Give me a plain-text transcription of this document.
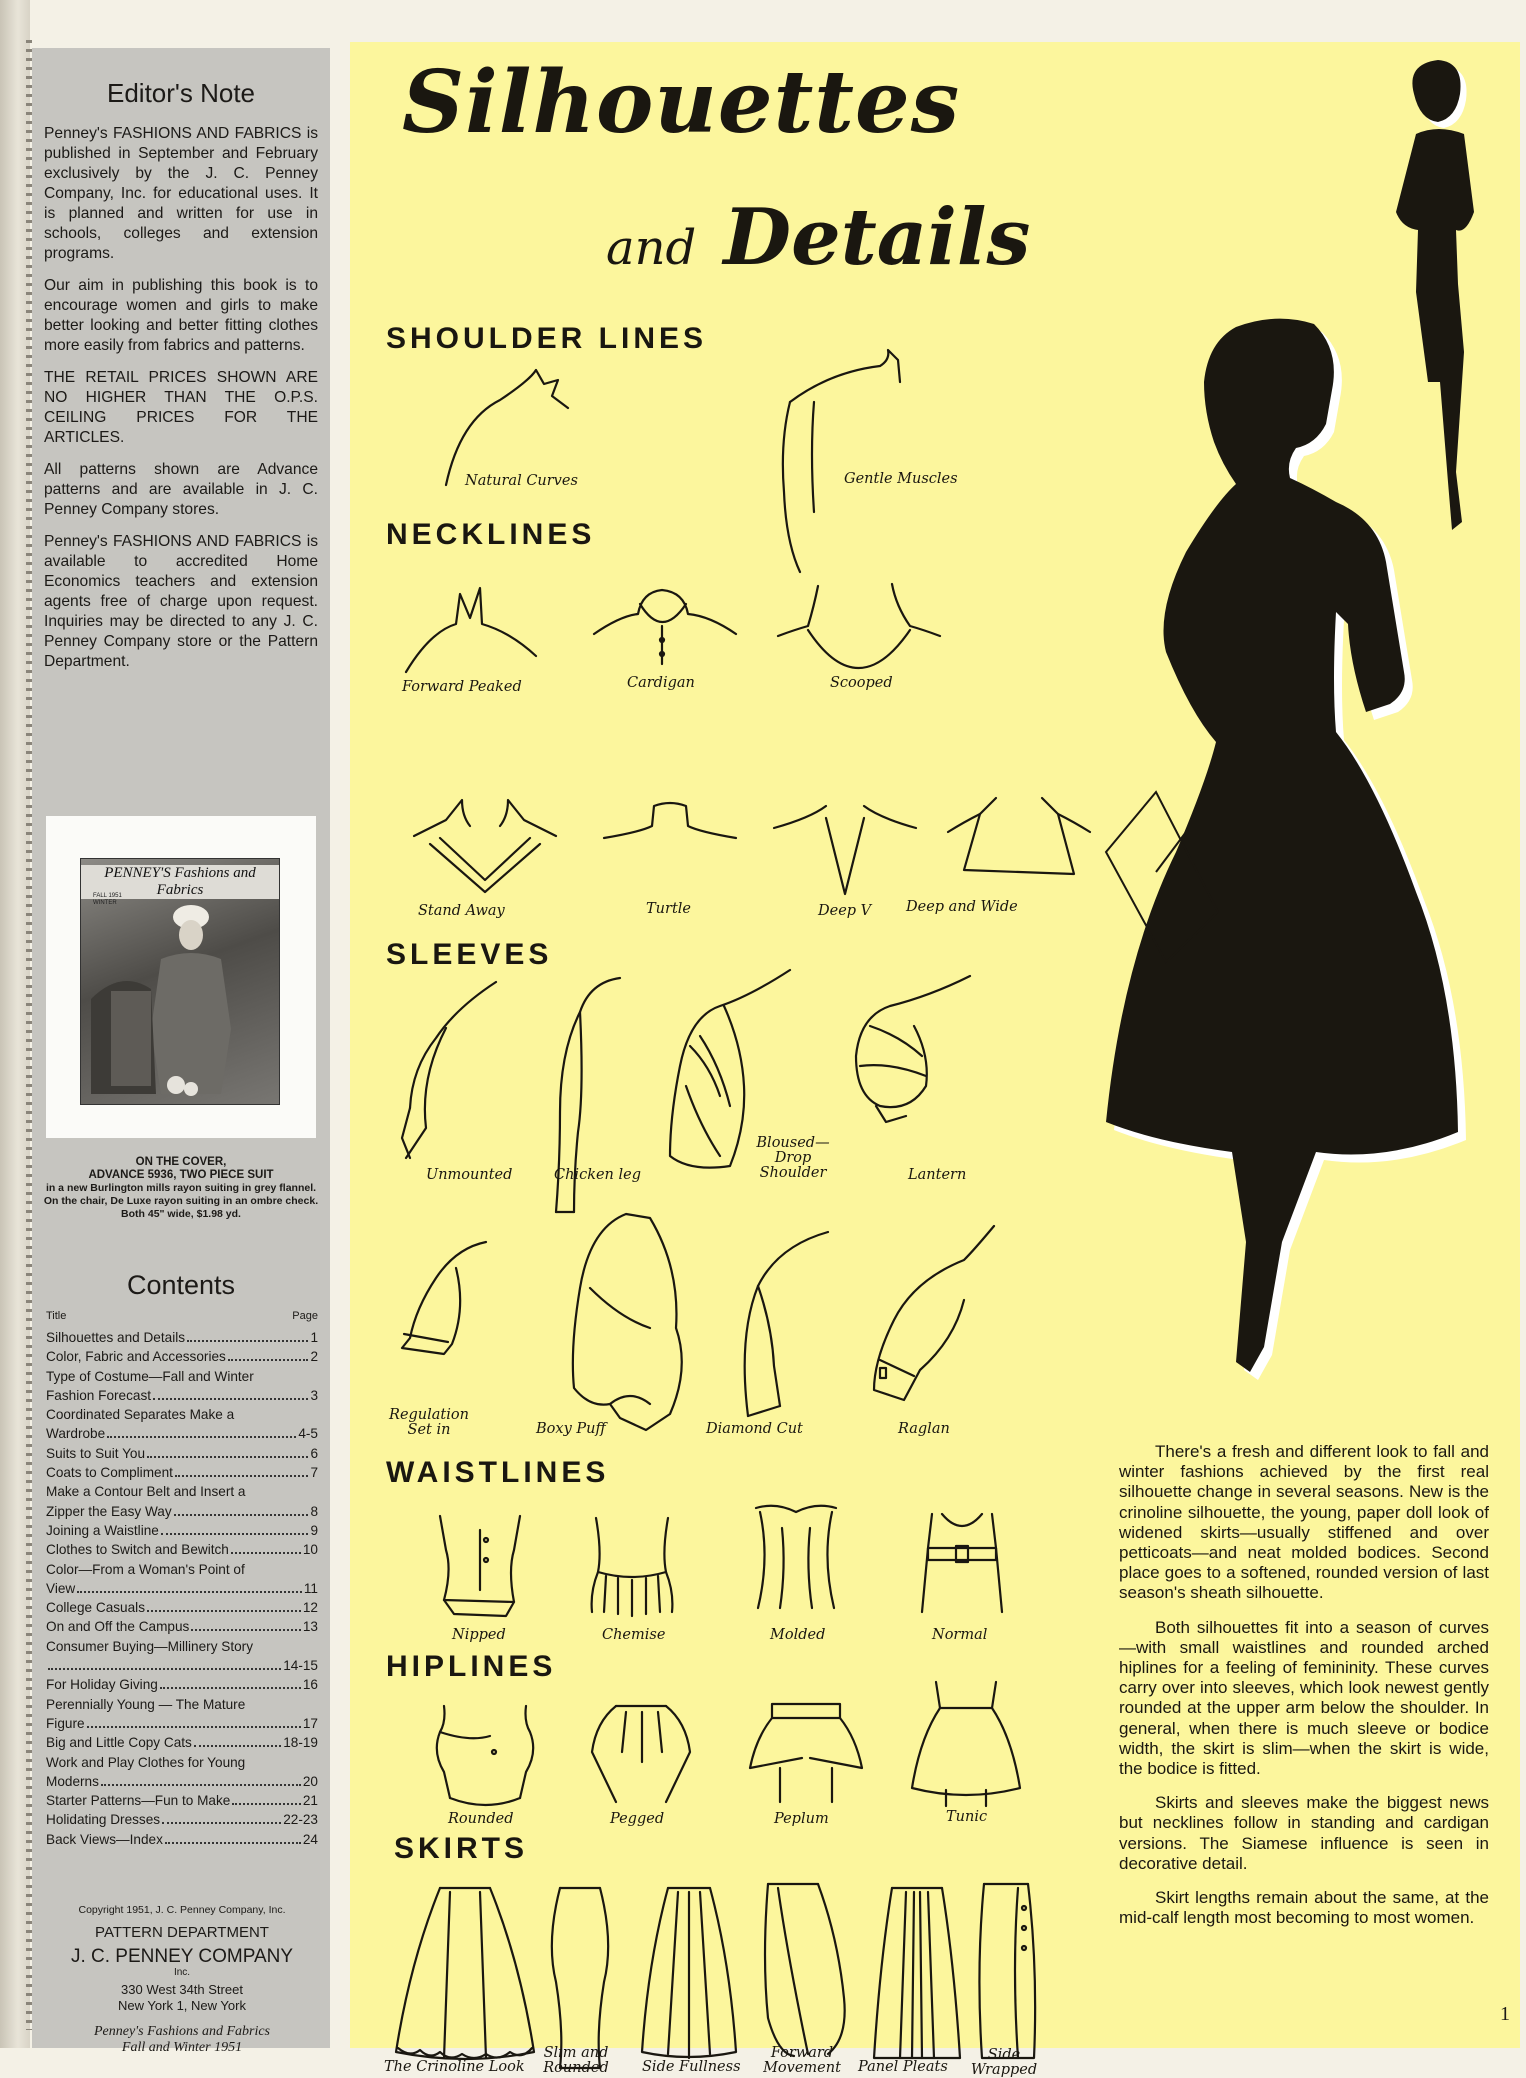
Editor's Note

Penney's FASHIONS AND FABRICS is published in September and February exclusively by the J. C. Penney Company, Inc. for educational uses. It is planned and written for use in schools, colleges and extension programs.

Our aim in publishing this book is to encourage women and girls to make better looking and better fitting clothes more easily from fabrics and patterns.

THE RETAIL PRICES SHOWN ARE NO HIGHER THAN THE O.P.S. CEILING PRICES FOR THE ARTICLES.

All patterns shown are Advance patterns and are available in J. C. Penney Company stores.

Penney's FASHIONS AND FABRICS is available to accredited Home Economics teachers and extension agents free of charge upon request. Inquiries may be directed to any J. C. Penney Company store or the Pattern Department.

PENNEY'S Fashions and Fabrics
FALL 1951 WINTER
ON THE COVER,
ADVANCE 5936, TWO PIECE SUIT
in a new Burlington mills rayon suiting in grey flannel. On the chair, De Luxe rayon suiting in an ombre check. Both 45" wide, $1.98 yd.
Contents
Title	Page
Silhouettes and Details	1
Color, Fabric and Accessories	2
Type of Costume—Fall and Winter
Fashion Forecast	3
Coordinated Separates Make a
Wardrobe	4-5
Suits to Suit You	6
Coats to Compliment	7
Make a Contour Belt and Insert a
Zipper the Easy Way	8
Joining a Waistline	9
Clothes to Switch and Bewitch	10
Color—From a Woman's Point of
View	11
College Casuals	12
On and Off the Campus	13
Consumer Buying—Millinery Story
14-15
For Holiday Giving	16
Perennially Young — The Mature
Figure	17
Big and Little Copy Cats	18-19
Work and Play Clothes for Young
Moderns	20
Starter Patterns—Fun to Make	21
Holidating Dresses	22-23
Back Views—Index	24
Copyright 1951, J. C. Penney Company, Inc.
PATTERN DEPARTMENT
J. C. PENNEY COMPANY
Inc.
330 West 34th Street
New York 1, New York
Penney's Fashions and Fabrics
Fall and Winter 1951
Silhouettes
and Details
SHOULDER LINES
Natural Curves	Gentle Muscles
NECKLINES
Forward Peaked	Cardigan	Scooped
Stand Away	Turtle	Deep V Deep and Wide
SLEEVES
Unmounted	Chicken leg
Bloused—Drop Shoulder	Lantern
Regulation Set in	Boxy Puff	Diamond Cut	Raglan
WAISTLINES
Nipped	Chemise	Molded	Normal
HIPLINES
Rounded	Pegged	Peplum	Tunic
SKIRTS
The Crinoline Look
Slim and Rounded	Side Fullness
Forward Movement	Panel Pleats
Side Wrapped

There's a fresh and different look to fall and winter fashions achieved by the first real silhouette change in several seasons. New is the crinoline silhouette, the young, paper doll look of widened skirts—usually stiffened and over petticoats—and neat molded bodices. Second place goes to a softened, rounded version of last season's sheath silhouette.

Both silhouettes fit into a season of curves—with small waistlines and rounded arched hiplines for a feeling of femininity. These curves carry over into sleeves, which look newest gently rounded at the upper arm below the shoulder. In general, when there is much sleeve or bodice width, the skirt is slim—when the skirt is wide, the bodice is fitted.

Skirts and sleeves make the biggest news but necklines follow in standing and cardigan versions. The Siamese influence is seen in decorative detail.

Skirt lengths remain about the same, at the mid-calf length most becoming to most women.

1
